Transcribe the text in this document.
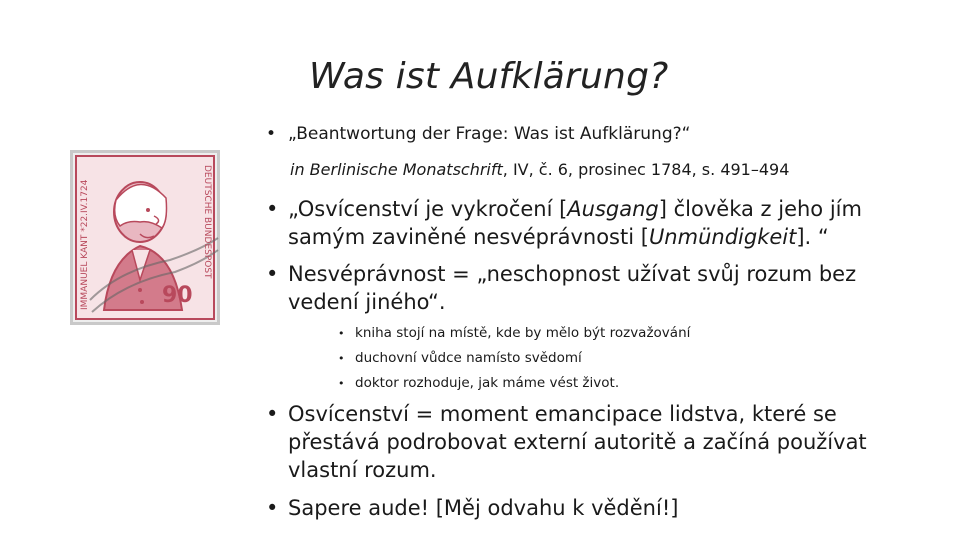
Was ist Aufklärung?
IMMANUEL KANT *22.IV.1724	DEUTSCHE BUNDESPOST
90
• „Beantwortung der Frage: Was ist Aufklärung?“
in Berlinische Monatschrift, IV, č. 6, prosinec 1784, s. 491–494
• „Osvícenství je vykročení [Ausgang] člověka z jeho jím
samým zaviněné nesvéprávnosti [Unmündigkeit]. “
• Nesvéprávnost = „neschopnost užívat svůj rozum bez
vedení jiného“.
• kniha stojí na místě, kde by mělo být rozvažování
• duchovní vůdce namísto svědomí
• doktor rozhoduje, jak máme vést život.
• Osvícenství = moment emancipace lidstva, které se
přestává podrobovat externí autoritě a začíná používat
vlastní rozum.
• Sapere aude! [Měj odvahu k vědění!]
